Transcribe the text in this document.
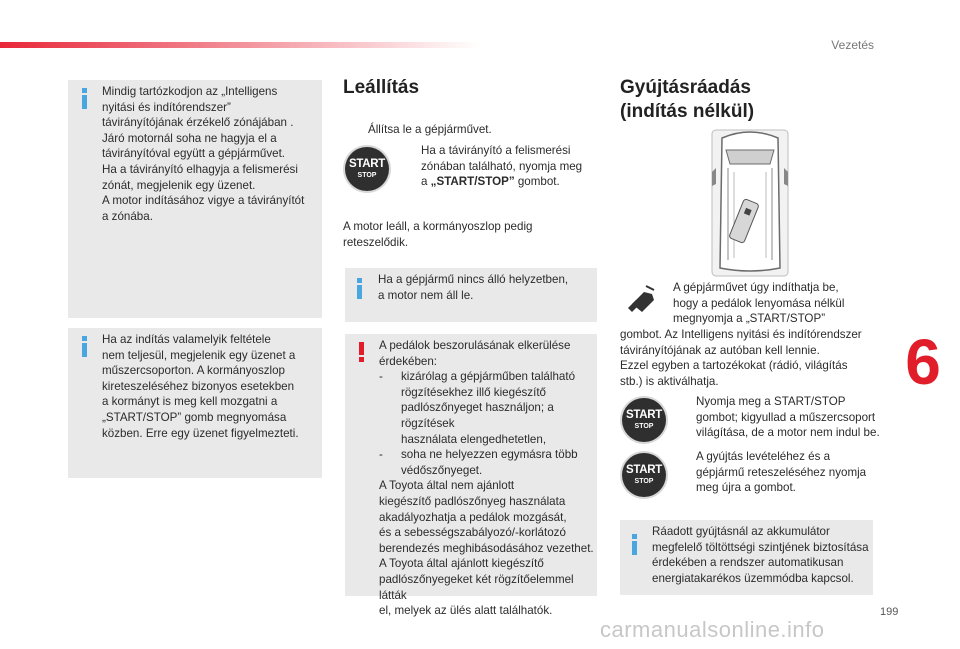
Vezetés
6
199
carmanualsonline.info
Mindig tartózkodjon az „Intelligens
nyitási és indítórendszer”
távirányítójának érzékelő zónájában .
Járó motornál soha ne hagyja el a
távirányítóval együtt a gépjárművet.
Ha a távirányító elhagyja a felismerési
zónát, megjelenik egy üzenet.
A motor indításához vigye a távirányítót
a zónába.
Ha az indítás valamelyik feltétele
nem teljesül, megjelenik egy üzenet a
műszercsoporton. A kormányoszlop
kireteszeléséhez bizonyos esetekben
a kormányt is meg kell mozgatni a
„START/STOP” gomb megnyomása
közben. Erre egy üzenet figyelmezteti.
Leállítás
Állítsa le a gépjárművet.
START
STOP
Ha a távirányító a felismerési
zónában található, nyomja meg
a „START/STOP” gombot.
A motor leáll, a kormányoszlop pedig
reteszelődik.
Ha a gépjármű nincs álló helyzetben,
a motor nem áll le.
A pedálok beszorulásának elkerülése
érdekében:
- kizárólag a gépjárműben található
rögzítésekhez illő kiegészítő
padlószőnyeget használjon; a rögzítések
használata elengedhetetlen,
- soha ne helyezzen egymásra több
védőszőnyeget.
A Toyota által nem ajánlott
kiegészítő padlószőnyeg használata
akadályozhatja a pedálok mozgását,
és a sebességszabályozó/-korlátozó
berendezés meghibásodásához vezethet.
A Toyota által ajánlott kiegészítő
padlószőnyegeket két rögzítőelemmel látták
el, melyek az ülés alatt találhatók.
Gyújtásráadás
(indítás nélkül)
A gépjárművet úgy indíthatja be,
hogy a pedálok lenyomása nélkül
megnyomja a „START/STOP”
gombot. Az Intelligens nyitási és indítórendszer
távirányítójának az autóban kell lennie.
Ezzel egyben a tartozékokat (rádió, világítás
stb.) is aktiválhatja.
START
STOP
Nyomja meg a START/STOP
gombot; kigyullad a műszercsoport
világítása, de a motor nem indul be.
START
STOP
A gyújtás levételéhez és a
gépjármű reteszeléséhez nyomja
meg újra a gombot.
Ráadott gyújtásnál az akkumulátor
megfelelő töltöttségi szintjének biztosítása
érdekében a rendszer automatikusan
energiatakarékos üzemmódba kapcsol.
